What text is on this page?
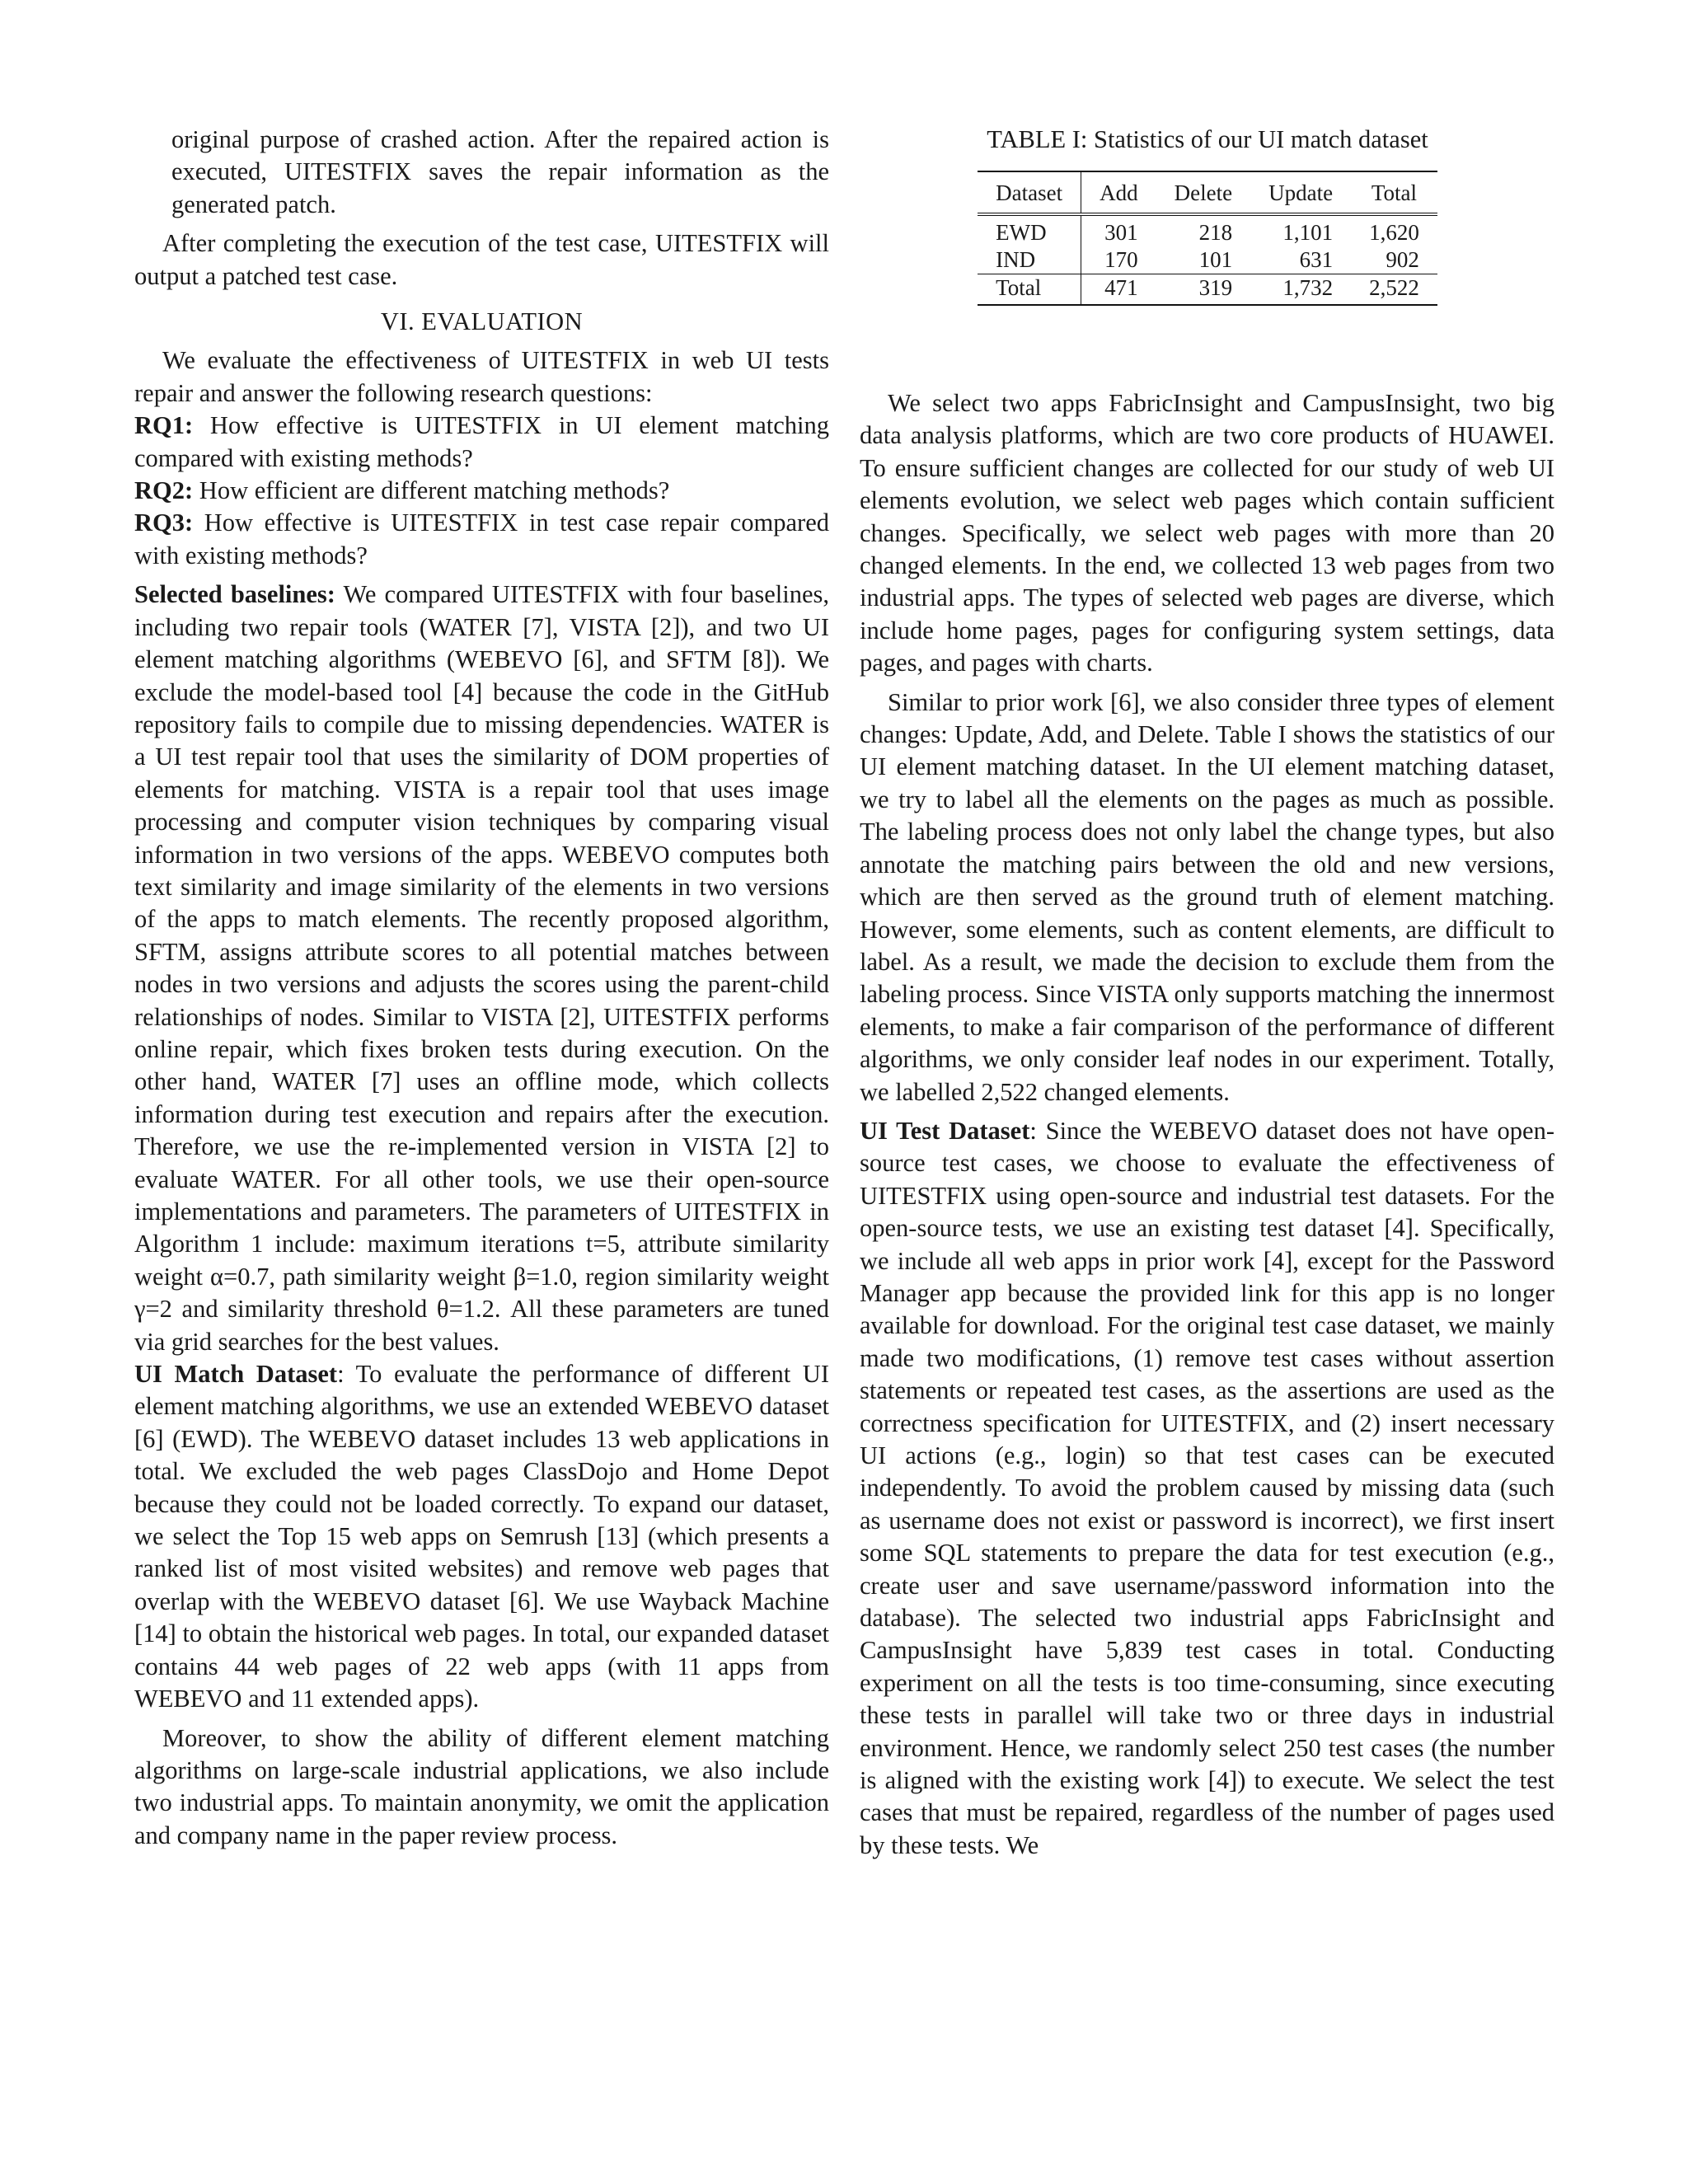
original purpose of crashed action. After the repaired action is executed, UITESTFIX saves the repair information as the generated patch.

After completing the execution of the test case, UITESTFIX will output a patched test case.

VI. EVALUATION

We evaluate the effectiveness of UITESTFIX in web UI tests repair and answer the following research questions:

RQ1: How effective is UITESTFIX in UI element matching compared with existing methods?

RQ2: How efficient are different matching methods?

RQ3: How effective is UITESTFIX in test case repair compared with existing methods?

Selected baselines: We compared UITESTFIX with four baselines, including two repair tools (WATER [7], VISTA [2]), and two UI element matching algorithms (WEBEVO [6], and SFTM [8]). We exclude the model-based tool [4] because the code in the GitHub repository fails to compile due to missing dependencies. WATER is a UI test repair tool that uses the similarity of DOM properties of elements for matching. VISTA is a repair tool that uses image processing and computer vision techniques by comparing visual information in two versions of the apps. WEBEVO computes both text similarity and image similarity of the elements in two versions of the apps to match elements. The recently proposed algorithm, SFTM, assigns attribute scores to all potential matches between nodes in two versions and adjusts the scores using the parent-child relationships of nodes. Similar to VISTA [2], UITESTFIX performs online repair, which fixes broken tests during execution. On the other hand, WATER [7] uses an offline mode, which collects information during test execution and repairs after the execution. Therefore, we use the re-implemented version in VISTA [2] to evaluate WATER. For all other tools, we use their open-source implementations and parameters. The parameters of UITESTFIX in Algorithm 1 include: maximum iterations t=5, attribute similarity weight α=0.7, path similarity weight β=1.0, region similarity weight γ=2 and similarity threshold θ=1.2. All these parameters are tuned via grid searches for the best values.

UI Match Dataset: To evaluate the performance of different UI element matching algorithms, we use an extended WEBEVO dataset [6] (EWD). The WEBEVO dataset includes 13 web applications in total. We excluded the web pages ClassDojo and Home Depot because they could not be loaded correctly. To expand our dataset, we select the Top 15 web apps on Semrush [13] (which presents a ranked list of most visited websites) and remove web pages that overlap with the WEBEVO dataset [6]. We use Wayback Machine [14] to obtain the historical web pages. In total, our expanded dataset contains 44 web pages of 22 web apps (with 11 apps from WEBEVO and 11 extended apps).

Moreover, to show the ability of different element matching algorithms on large-scale industrial applications, we also include two industrial apps. To maintain anonymity, we omit the application and company name in the paper review process.

TABLE I: Statistics of our UI match dataset
Dataset	Add	Delete	Update	Total
EWD	301	218	1,101	1,620
IND	170	101	631	902
Total	471	319	1,732	2,522

We select two apps FabricInsight and CampusInsight, two big data analysis platforms, which are two core products of HUAWEI. To ensure sufficient changes are collected for our study of web UI elements evolution, we select web pages which contain sufficient changes. Specifically, we select web pages with more than 20 changed elements. In the end, we collected 13 web pages from two industrial apps. The types of selected web pages are diverse, which include home pages, pages for configuring system settings, data pages, and pages with charts.

Similar to prior work [6], we also consider three types of element changes: Update, Add, and Delete. Table I shows the statistics of our UI element matching dataset. In the UI element matching dataset, we try to label all the elements on the pages as much as possible. The labeling process does not only label the change types, but also annotate the matching pairs between the old and new versions, which are then served as the ground truth of element matching. However, some elements, such as content elements, are difficult to label. As a result, we made the decision to exclude them from the labeling process. Since VISTA only supports matching the innermost elements, to make a fair comparison of the performance of different algorithms, we only consider leaf nodes in our experiment. Totally, we labelled 2,522 changed elements.

UI Test Dataset: Since the WEBEVO dataset does not have open-source test cases, we choose to evaluate the effectiveness of UITESTFIX using open-source and industrial test datasets. For the open-source tests, we use an existing test dataset [4]. Specifically, we include all web apps in prior work [4], except for the Password Manager app because the provided link for this app is no longer available for download. For the original test case dataset, we mainly made two modifications, (1) remove test cases without assertion statements or repeated test cases, as the assertions are used as the correctness specification for UITESTFIX, and (2) insert necessary UI actions (e.g., login) so that test cases can be executed independently. To avoid the problem caused by missing data (such as username does not exist or password is incorrect), we first insert some SQL statements to prepare the data for test execution (e.g., create user and save username/password information into the database). The selected two industrial apps FabricInsight and CampusInsight have 5,839 test cases in total. Conducting experiment on all the tests is too time-consuming, since executing these tests in parallel will take two or three days in industrial environment. Hence, we randomly select 250 test cases (the number is aligned with the existing work [4]) to execute. We select the test cases that must be repaired, regardless of the number of pages used by these tests. We
